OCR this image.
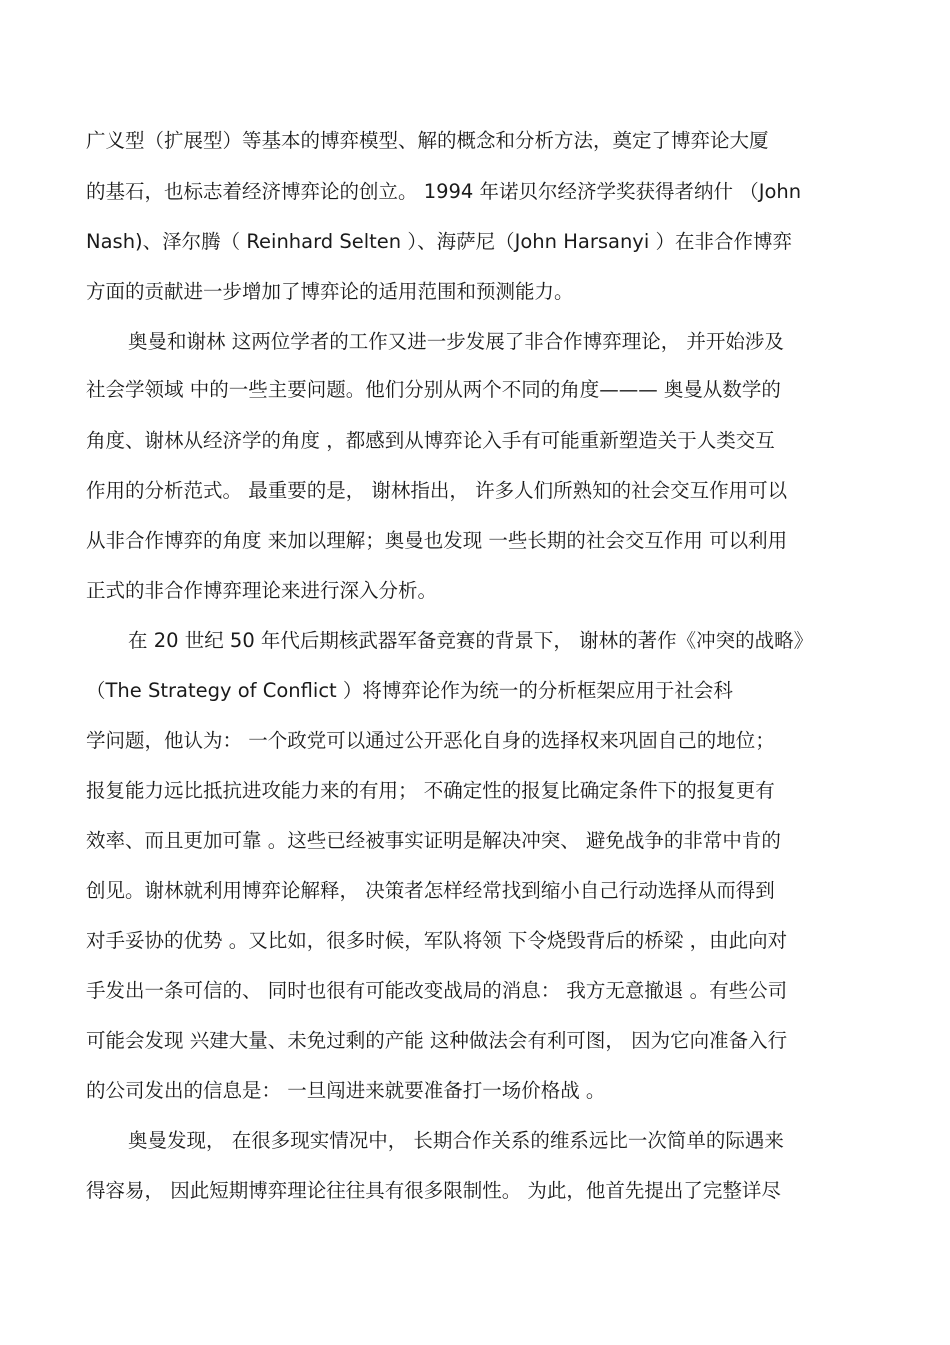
广义型（扩展型）等基本的博弈模型、解的概念和分析方法，奠定了博弈论大厦
的基石，也标志着经济博弈论的创立。 1994 年诺贝尔经济学奖获得者纳什 （John
Nash)、泽尔腾（ Reinhard Selten ）、海萨尼（John Harsanyi ）在非合作博弈
方面的贡献进一步增加了博弈论的适用范围和预测能力。
奥曼和谢林 这两位学者的工作又进一步发展了非合作博弈理论， 并开始涉及
社会学领域 中的一些主要问题。他们分别从两个不同的角度——— 奥曼从数学的
角度、谢林从经济学的角度 ，都感到从博弈论入手有可能重新塑造关于人类交互
作用的分析范式。 最重要的是， 谢林指出， 许多人们所熟知的社会交互作用可以
从非合作博弈的角度 来加以理解；奥曼也发现 一些长期的社会交互作用 可以利用
正式的非合作博弈理论来进行深入分析。
在 20 世纪 50 年代后期核武器军备竞赛的背景下， 谢林的著作《冲突的战略》
（The Strategy of Conflict ）将博弈论作为统一的分析框架应用于社会科
学问题，他认为： 一个政党可以通过公开恶化自身的选择权来巩固自己的地位；
报复能力远比抵抗进攻能力来的有用； 不确定性的报复比确定条件下的报复更有
效率、而且更加可靠 。这些已经被事实证明是解决冲突、 避免战争的非常中肯的
创见。谢林就利用博弈论解释， 决策者怎样经常找到缩小自己行动选择从而得到
对手妥协的优势 。又比如，很多时候，军队将领 下令烧毁背后的桥梁 ，由此向对
手发出一条可信的、 同时也很有可能改变战局的消息： 我方无意撤退 。有些公司
可能会发现 兴建大量、未免过剩的产能 这种做法会有利可图， 因为它向准备入行
的公司发出的信息是： 一旦闯进来就要准备打一场价格战 。
奥曼发现， 在很多现实情况中， 长期合作关系的维系远比一次简单的际遇来
得容易， 因此短期博弈理论往往具有很多限制性。 为此，他首先提出了完整详尽
